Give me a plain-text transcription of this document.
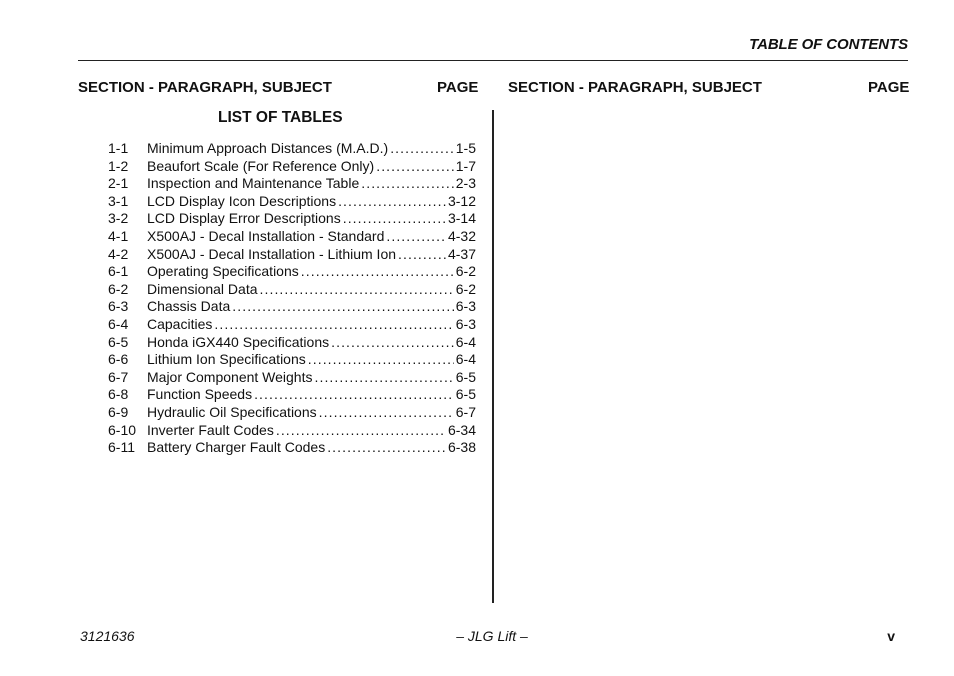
TABLE OF CONTENTS
SECTION - PARAGRAPH, SUBJECT	PAGE SECTION - PARAGRAPH, SUBJECT	PAGE
LIST OF TABLES
1-1	Minimum Approach Distances (M.A.D.) . . .	1-5
1-2	Beaufort Scale (For Reference Only) . . .	1-7
2-1	Inspection and Maintenance Table . . .	2-3
3-1	LCD Display Icon Descriptions . . .	3-12
3-2	LCD Display Error Descriptions . . .	3-14
4-1	X500AJ - Decal Installation - Standard . . .	4-32
4-2	X500AJ - Decal Installation - Lithium Ion . . .	4-37
6-1	Operating Specifications . . .	6-2
6-2	Dimensional Data . . .	6-2
6-3	Chassis Data . . .	6-3
6-4	Capacities . . .	6-3
6-5	Honda iGX440 Specifications . . .	6-4
6-6	Lithium Ion Specifications . . .	6-4
6-7	Major Component Weights . . .	6-5
6-8	Function Speeds . . .	6-5
6-9	Hydraulic Oil Specifications . . .	6-7
6-10 Inverter Fault Codes . . .	6-34
6-11 Battery Charger Fault Codes . . .	6-38
3121636	– JLG Lift –	v
